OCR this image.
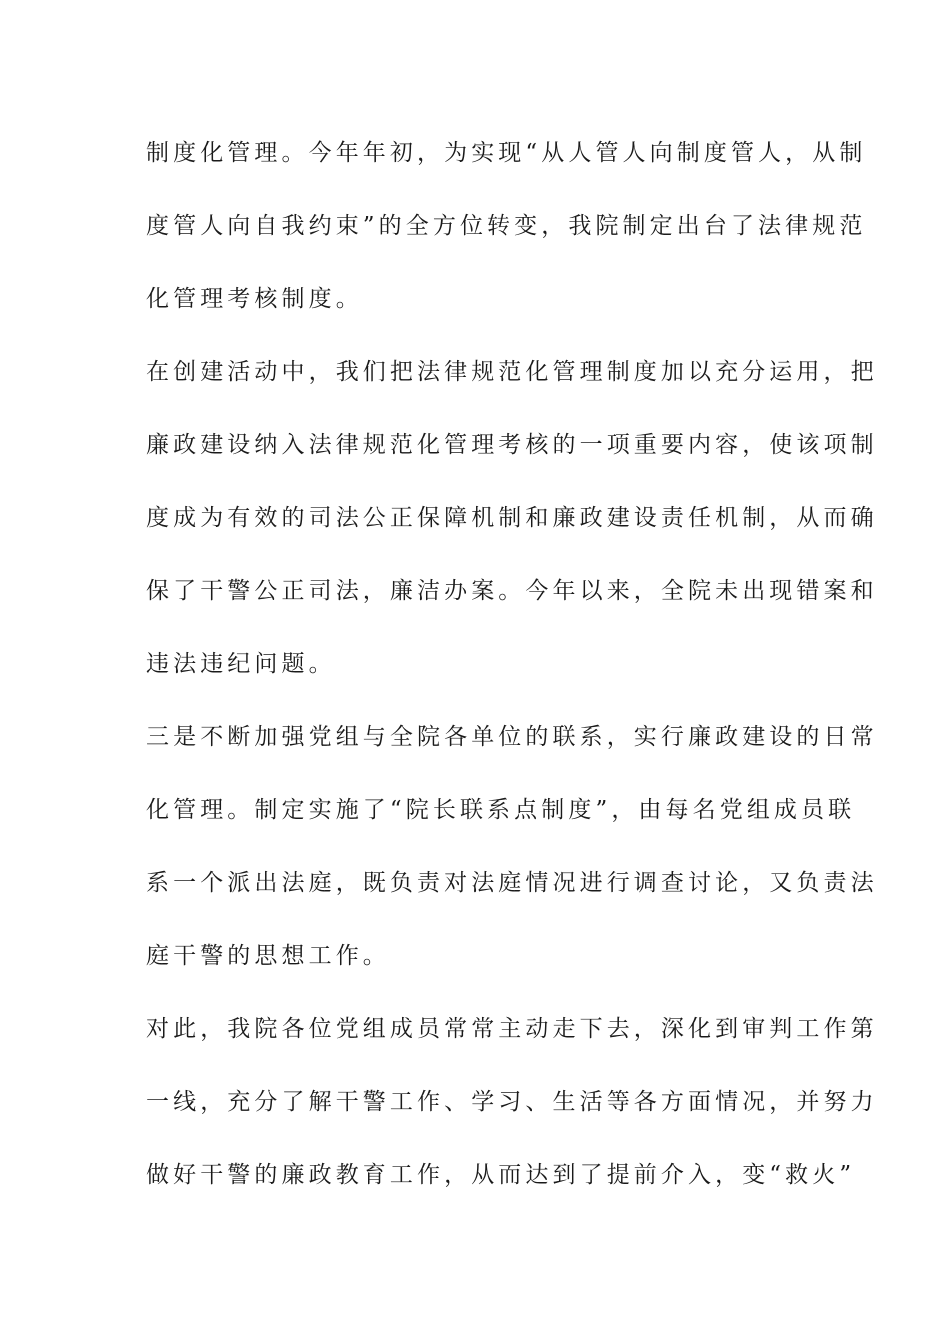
制度化管理。今年年初，为实现“从人管人向制度管人，从制
度管人向自我约束”的全方位转变，我院制定出台了法律规范
化管理考核制度。
在创建活动中，我们把法律规范化管理制度加以充分运用，把
廉政建设纳入法律规范化管理考核的一项重要内容，使该项制
度成为有效的司法公正保障机制和廉政建设责任机制，从而确
保了干警公正司法，廉洁办案。今年以来，全院未出现错案和
违法违纪问题。
三是不断加强党组与全院各单位的联系，实行廉政建设的日常
化管理。制定实施了“院长联系点制度”，由每名党组成员联
系一个派出法庭，既负责对法庭情况进行调查讨论，又负责法
庭干警的思想工作。
对此，我院各位党组成员常常主动走下去，深化到审判工作第
一线，充分了解干警工作、学习、生活等各方面情况，并努力
做好干警的廉政教育工作，从而达到了提前介入，变“救火”
